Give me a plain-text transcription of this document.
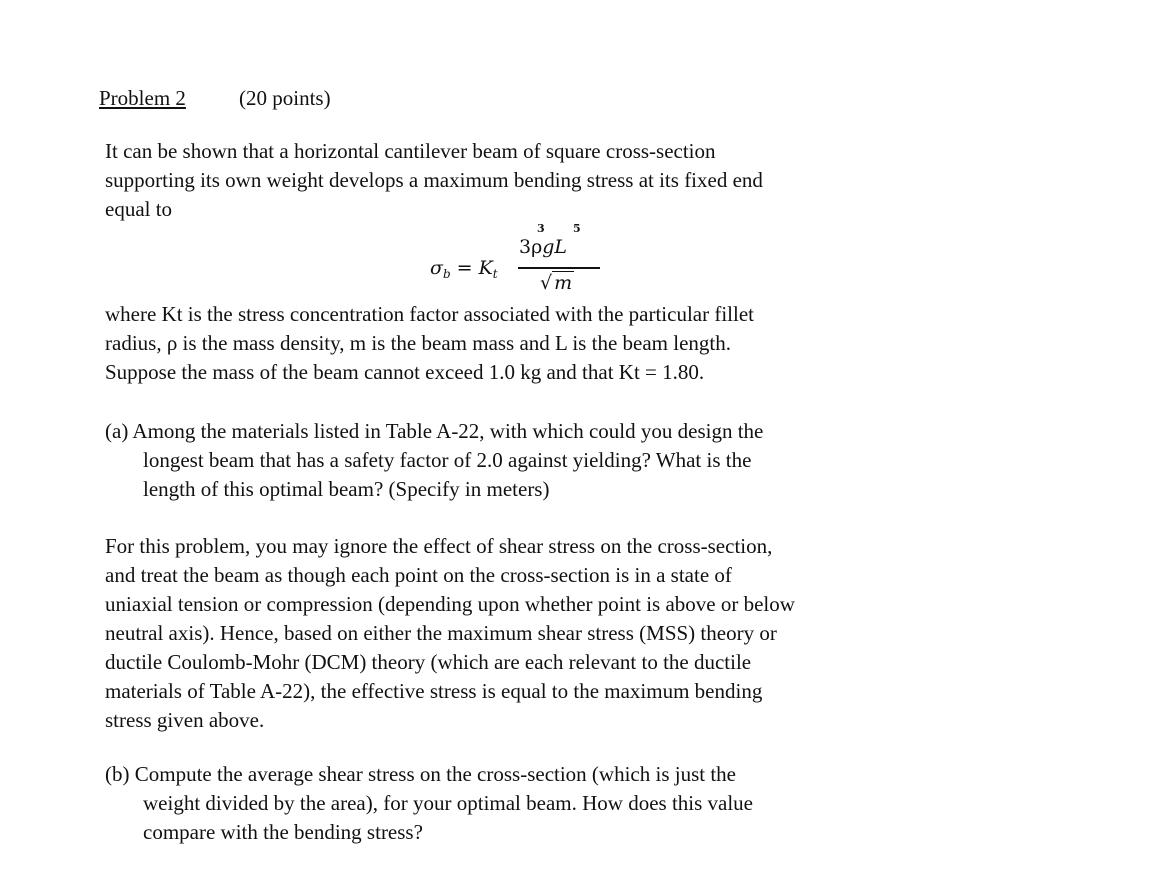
Problem 2	(20 points)
It can be shown that a horizontal cantilever beam of square cross-section
supporting its own weight develops a maximum bending stress at its fixed end
equal to
$\sigma_b = K_t$
3	5
3ρgL
√ m
where Kt is the stress concentration factor associated with the particular fillet
radius, ρ is the mass density, m is the beam mass and L is the beam length.
Suppose the mass of the beam cannot exceed 1.0 kg and that Kt = 1.80.
(a) Among the materials listed in Table A-22, with which could you design the
longest beam that has a safety factor of 2.0 against yielding? What is the
length of this optimal beam? (Specify in meters)
For this problem, you may ignore the effect of shear stress on the cross-section,
and treat the beam as though each point on the cross-section is in a state of
uniaxial tension or compression (depending upon whether point is above or below
neutral axis). Hence, based on either the maximum shear stress (MSS) theory or
ductile Coulomb-Mohr (DCM) theory (which are each relevant to the ductile
materials of Table A-22), the effective stress is equal to the maximum bending
stress given above.
(b) Compute the average shear stress on the cross-section (which is just the
weight divided by the area), for your optimal beam. How does this value
compare with the bending stress?
